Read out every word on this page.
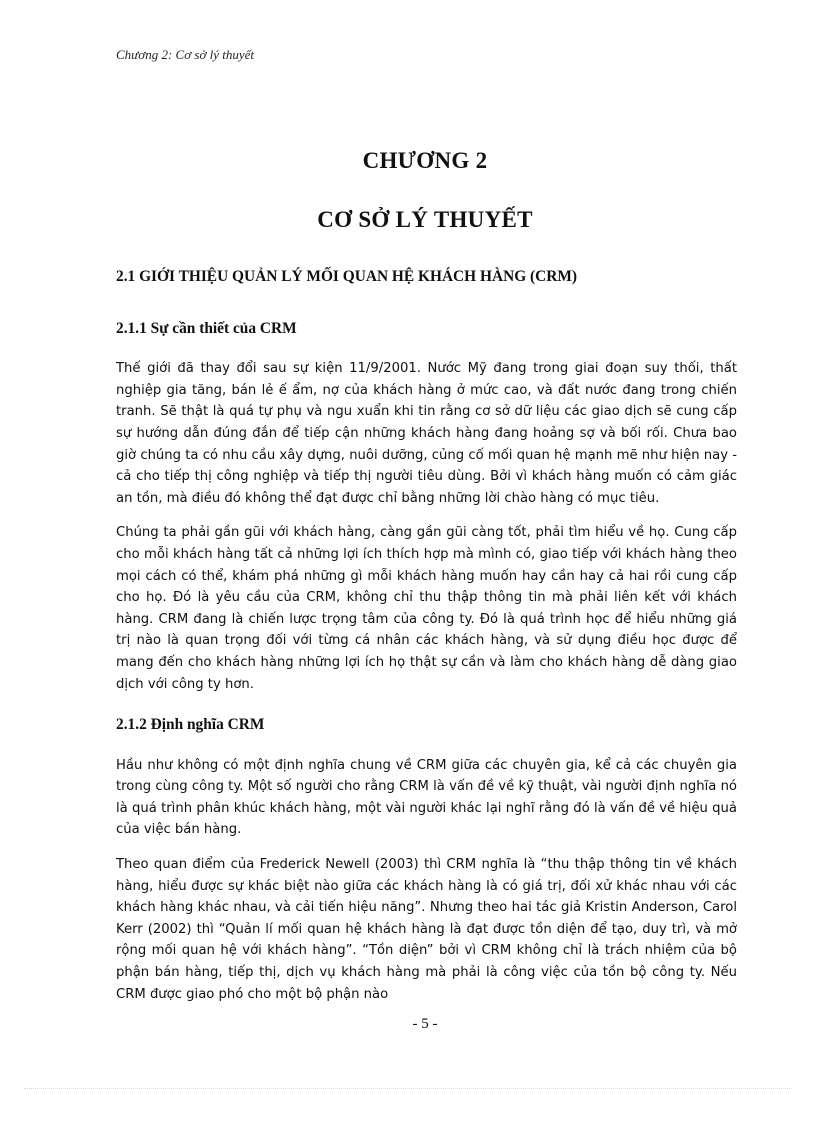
Chương 2: Cơ sở lý thuyết
CHƯƠNG 2
CƠ SỞ LÝ THUYẾT
2.1 GIỚI THIỆU QUẢN LÝ MỐI QUAN HỆ KHÁCH HÀNG (CRM)
2.1.1 Sự cần thiết của CRM

Thế giới đã thay đổi sau sự kiện 11/9/2001. Nước Mỹ đang trong giai đoạn suy thối, thất nghiệp gia tăng, bán lẻ ế ẩm, nợ của khách hàng ở mức cao, và đất nước đang trong chiến tranh. Sẽ thật là quá tự phụ và ngu xuẩn khi tin rằng cơ sở dữ liệu các giao dịch sẽ cung cấp sự hướng dẫn đúng đắn để tiếp cận những khách hàng đang hoảng sợ và bối rối. Chưa bao giờ chúng ta có nhu cầu xây dựng, nuôi dưỡng, củng cố mối quan hệ mạnh mẽ như hiện nay - cả cho tiếp thị công nghiệp và tiếp thị người tiêu dùng. Bởi vì khách hàng muốn có cảm giác an tồn, mà điều đó không thể đạt được chỉ bằng những lời chào hàng có mục tiêu.

Chúng ta phải gần gũi với khách hàng, càng gần gũi càng tốt, phải tìm hiểu về họ. Cung cấp cho mỗi khách hàng tất cả những lợi ích thích hợp mà mình có, giao tiếp với khách hàng theo mọi cách có thể, khám phá những gì mỗi khách hàng muốn hay cần hay cả hai rồi cung cấp cho họ. Đó là yêu cầu của CRM, không chỉ thu thập thông tin mà phải liên kết với khách hàng. CRM đang là chiến lược trọng tâm của công ty. Đó là quá trình học để hiểu những giá trị nào là quan trọng đối với từng cá nhân các khách hàng, và sử dụng điều học được để mang đến cho khách hàng những lợi ích họ thật sự cần và làm cho khách hàng dễ dàng giao dịch với công ty hơn.

2.1.2 Định nghĩa CRM

Hầu như không có một định nghĩa chung về CRM giữa các chuyên gia, kể cả các chuyên gia trong cùng công ty. Một số người cho rằng CRM là vấn đề về kỹ thuật, vài người định nghĩa nó là quá trình phân khúc khách hàng, một vài người khác lại nghĩ rằng đó là vấn đề về hiệu quả của việc bán hàng.

Theo quan điểm của Frederick Newell (2003) thì CRM nghĩa là “thu thập thông tin về khách hàng, hiểu được sự khác biệt nào giữa các khách hàng là có giá trị, đối xử khác nhau với các khách hàng khác nhau, và cải tiến hiệu năng”. Nhưng theo hai tác giả Kristin Anderson, Carol Kerr (2002) thì “Quản lí mối quan hệ khách hàng là đạt được tồn diện để tạo, duy trì, và mở rộng mối quan hệ với khách hàng”. “Tồn diện” bởi vì CRM không chỉ là trách nhiệm của bộ phận bán hàng, tiếp thị, dịch vụ khách hàng mà phải là công việc của tồn bộ công ty. Nếu CRM được giao phó cho một bộ phận nào

- 5 -
